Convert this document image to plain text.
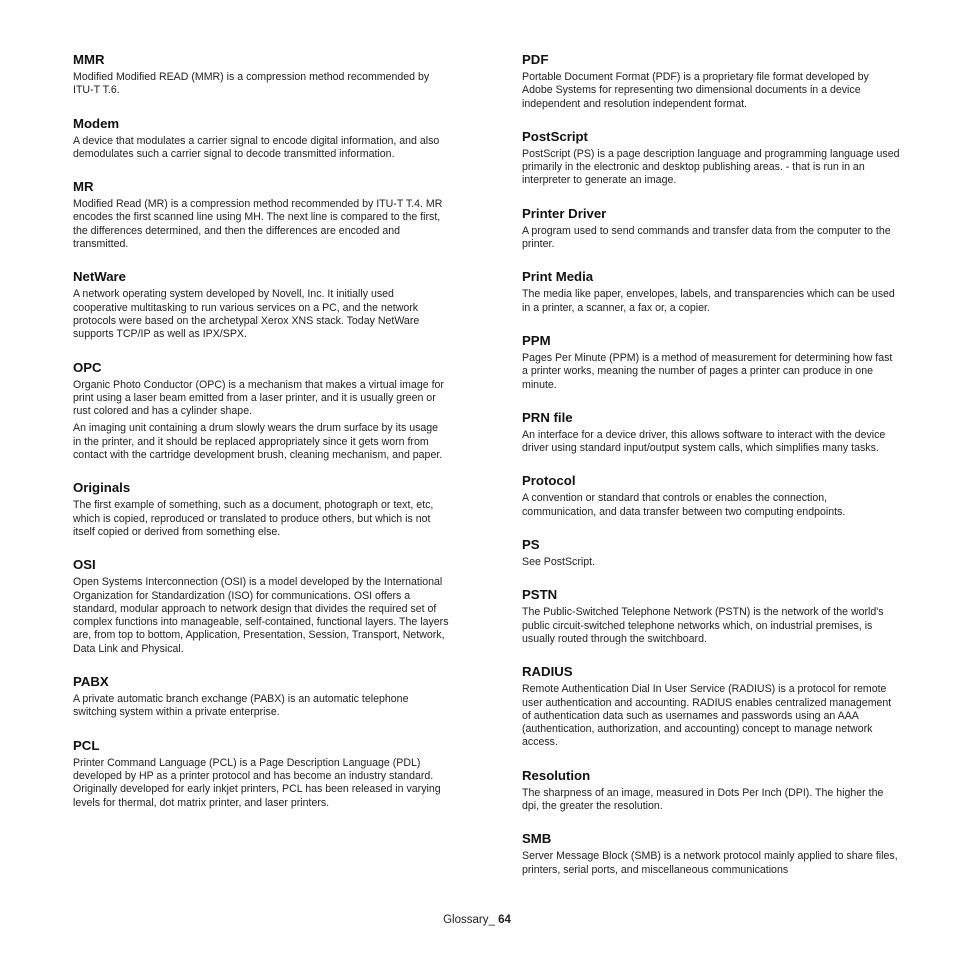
MMR

Modified Modified READ (MMR) is a compression method recommended by ITU-T T.6.

Modem

A device that modulates a carrier signal to encode digital information, and also demodulates such a carrier signal to decode transmitted information.

MR

Modified Read (MR) is a compression method recommended by ITU-T T.4. MR encodes the first scanned line using MH. The next line is compared to the first, the differences determined, and then the differences are encoded and transmitted.

NetWare

A network operating system developed by Novell, Inc. It initially used cooperative multitasking to run various services on a PC, and the network protocols were based on the archetypal Xerox XNS stack. Today NetWare supports TCP/IP as well as IPX/SPX.

OPC

Organic Photo Conductor (OPC) is a mechanism that makes a virtual image for print using a laser beam emitted from a laser printer, and it is usually green or rust colored and has a cylinder shape.

An imaging unit containing a drum slowly wears the drum surface by its usage in the printer, and it should be replaced appropriately since it gets worn from contact with the cartridge development brush, cleaning mechanism, and paper.

Originals

The first example of something, such as a document, photograph or text, etc, which is copied, reproduced or translated to produce others, but which is not itself copied or derived from something else.

OSI

Open Systems Interconnection (OSI) is a model developed by the International Organization for Standardization (ISO) for communications. OSI offers a standard, modular approach to network design that divides the required set of complex functions into manageable, self-contained, functional layers. The layers are, from top to bottom, Application, Presentation, Session, Transport, Network, Data Link and Physical.

PABX

A private automatic branch exchange (PABX) is an automatic telephone switching system within a private enterprise.

PCL

Printer Command Language (PCL) is a Page Description Language (PDL) developed by HP as a printer protocol and has become an industry standard. Originally developed for early inkjet printers, PCL has been released in varying levels for thermal, dot matrix printer, and laser printers.

PDF

Portable Document Format (PDF) is a proprietary file format developed by Adobe Systems for representing two dimensional documents in a device independent and resolution independent format.

PostScript

PostScript (PS) is a page description language and programming language used primarily in the electronic and desktop publishing areas. - that is run in an interpreter to generate an image.

Printer Driver

A program used to send commands and transfer data from the computer to the printer.

Print Media

The media like paper, envelopes, labels, and transparencies which can be used in a printer, a scanner, a fax or, a copier.

PPM

Pages Per Minute (PPM) is a method of measurement for determining how fast a printer works, meaning the number of pages a printer can produce in one minute.

PRN file

An interface for a device driver, this allows software to interact with the device driver using standard input/output system calls, which simplifies many tasks.

Protocol

A convention or standard that controls or enables the connection, communication, and data transfer between two computing endpoints.

PS

See PostScript.

PSTN

The Public-Switched Telephone Network (PSTN) is the network of the world's public circuit-switched telephone networks which, on industrial premises, is usually routed through the switchboard.

RADIUS

Remote Authentication Dial In User Service (RADIUS) is a protocol for remote user authentication and accounting. RADIUS enables centralized management of authentication data such as usernames and passwords using an AAA (authentication, authorization, and accounting) concept to manage network access.

Resolution

The sharpness of an image, measured in Dots Per Inch (DPI). The higher the dpi, the greater the resolution.

SMB

Server Message Block (SMB) is a network protocol mainly applied to share files, printers, serial ports, and miscellaneous communications

Glossary_ 64
